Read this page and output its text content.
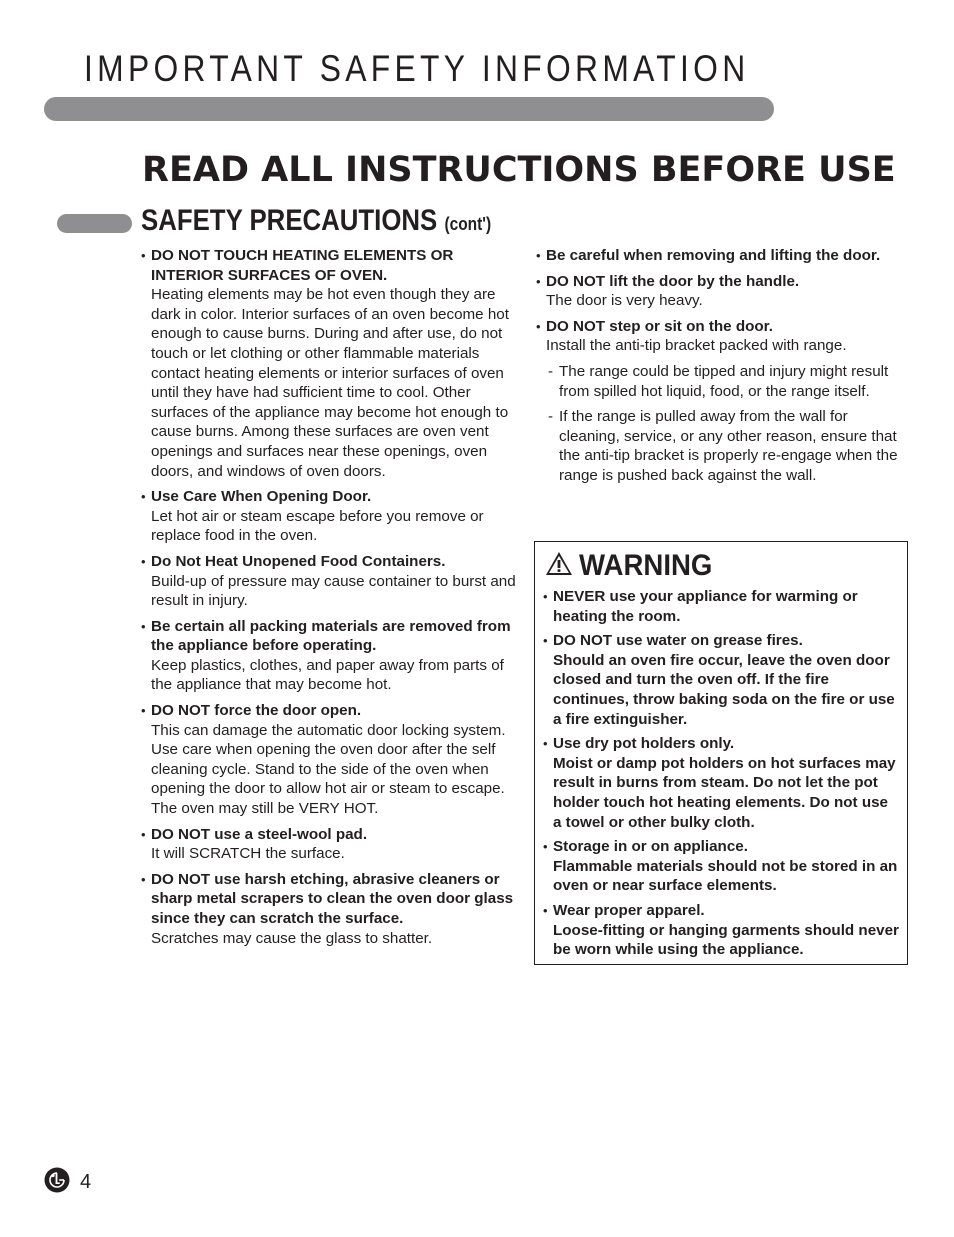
IMPORTANT SAFETY INFORMATION
READ ALL INSTRUCTIONS BEFORE USE
SAFETY PRECAUTIONS (cont')
• DO NOT TOUCH HEATING ELEMENTS OR INTERIOR SURFACES OF OVEN.
Heating elements may be hot even though they are dark in color. Interior surfaces of an oven become hot enough to cause burns. During and after use, do not touch or let clothing or other flammable materials contact heating elements or interior surfaces of oven until they have had sufficient time to cool. Other surfaces of the appliance may become hot enough to cause burns. Among these surfaces are oven vent openings and surfaces near these openings, oven doors, and windows of oven doors.
• Use Care When Opening Door.
Let hot air or steam escape before you remove or replace food in the oven.
• Do Not Heat Unopened Food Containers.
Build-up of pressure may cause container to burst and result in injury.
• Be certain all packing materials are removed from the appliance before operating.
Keep plastics, clothes, and paper away from parts of the appliance that may become hot.
• DO NOT force the door open.
This can damage the automatic door locking system. Use care when opening the oven door after the self cleaning cycle. Stand to the side of the oven when opening the door to allow hot air or steam to escape. The oven may still be VERY HOT.
• DO NOT use a steel-wool pad.
It will SCRATCH the surface.
• DO NOT use harsh etching, abrasive cleaners or sharp metal scrapers to clean the oven door glass since they can scratch the surface.
Scratches may cause the glass to shatter.
• Be careful when removing and lifting the door.
• DO NOT lift the door by the handle.
The door is very heavy.
• DO NOT step or sit on the door.
Install the anti-tip bracket packed with range.
- The range could be tipped and injury might result from spilled hot liquid, food, or the range itself.
- If the range is pulled away from the wall for cleaning, service, or any other reason, ensure that the anti-tip bracket is properly re-engage when the range is pushed back against the wall.
WARNING
• NEVER use your appliance for warming or heating the room.
• DO NOT use water on grease fires.
Should an oven fire occur, leave the oven door closed and turn the oven off. If the fire continues, throw baking soda on the fire or use a fire extinguisher.
• Use dry pot holders only.
Moist or damp pot holders on hot surfaces may result in burns from steam. Do not let the pot holder touch hot heating elements. Do not use a towel or other bulky cloth.
• Storage in or on appliance.
Flammable materials should not be stored in an oven or near surface elements.
• Wear proper apparel.
Loose-fitting or hanging garments should never be worn while using the appliance.
4
